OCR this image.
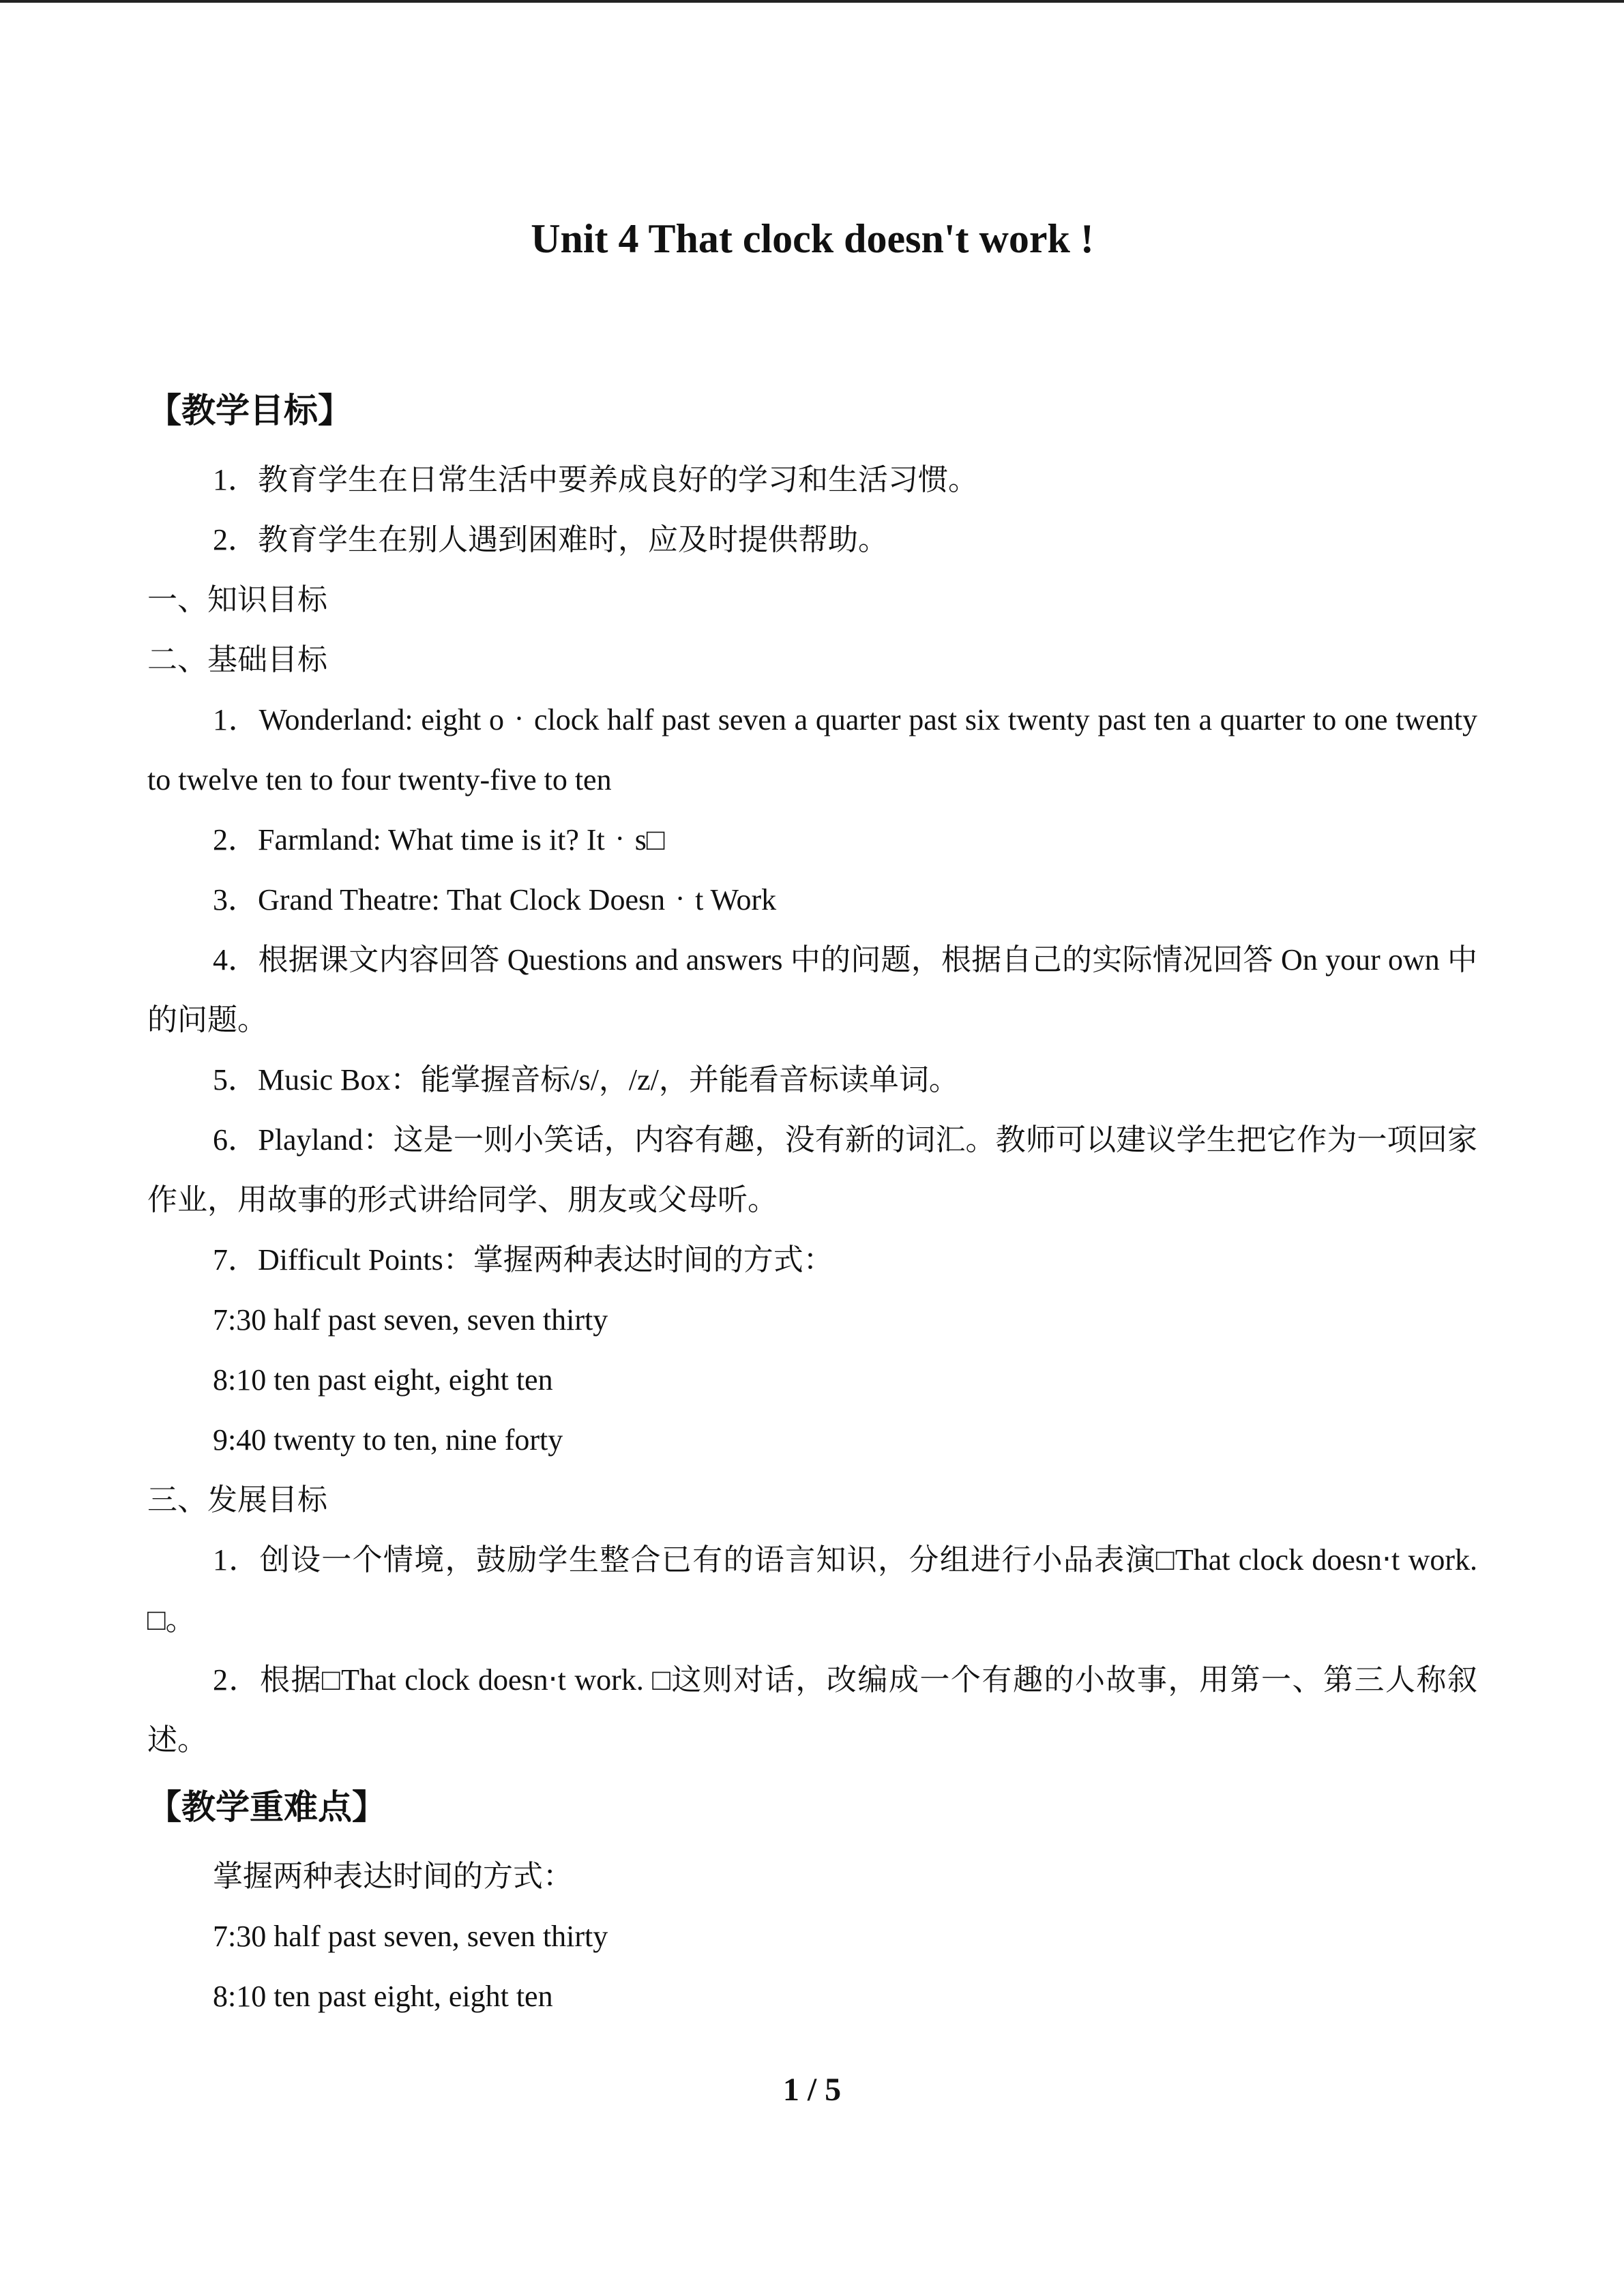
Unit 4 That clock doesn't work !
【教学目标】

1．教育学生在日常生活中要养成良好的学习和生活习惯。

2．教育学生在别人遇到困难时，应及时提供帮助。

一、知识目标

二、基础目标

1．Wonderland: eight o‧clock half past seven a quarter past six twenty past ten a quarter to one twenty to twelve ten to four twenty-five to ten

2．Farmland: What time is it? It‧s□

3．Grand Theatre: That Clock Doesn‧t Work

4．根据课文内容回答 Questions and answers 中的问题，根据自己的实际情况回答 On your own 中的问题。

5．Music Box：能掌握音标/s/，/z/，并能看音标读单词。

6．Playland：这是一则小笑话，内容有趣，没有新的词汇。教师可以建议学生把它作为一项回家作业，用故事的形式讲给同学、朋友或父母听。

7．Difficult Points：掌握两种表达时间的方式：

7:30 half past seven, seven thirty

8:10 ten past eight, eight ten

9:40 twenty to ten, nine forty

三、发展目标

1．创设一个情境，鼓励学生整合已有的语言知识，分组进行小品表演□That clock doesn‧t work. □。

2．根据□That clock doesn‧t work. □这则对话，改编成一个有趣的小故事，用第一、第三人称叙述。

【教学重难点】

掌握两种表达时间的方式：

7:30 half past seven, seven thirty

8:10 ten past eight, eight ten

1 / 5
